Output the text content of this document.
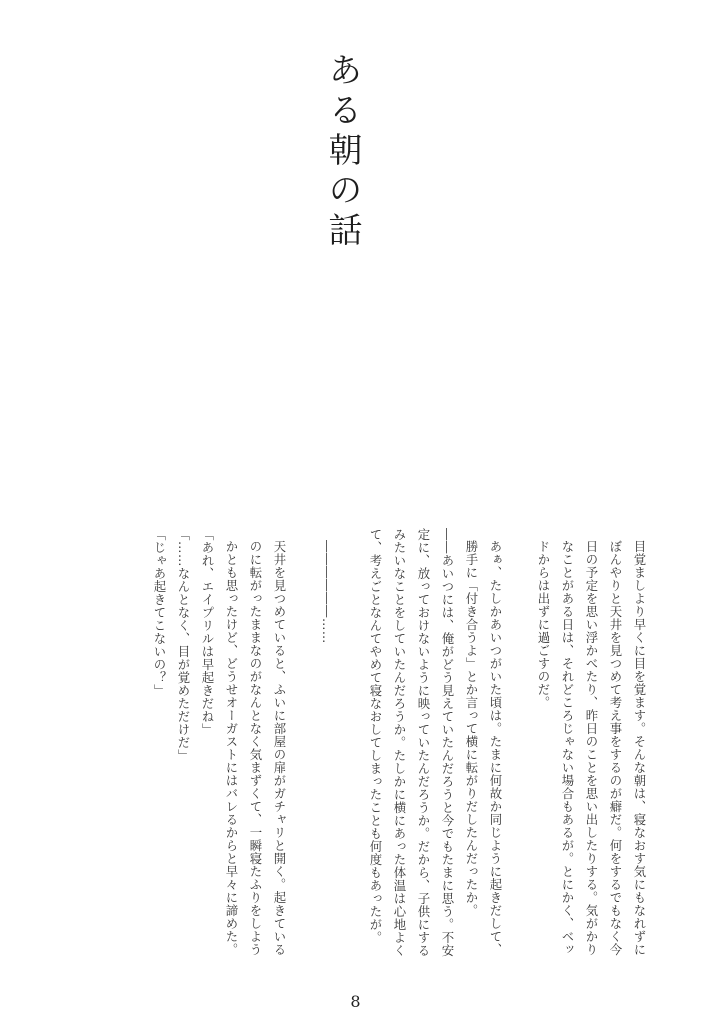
ある朝の話

目覚ましより早くに目を覚ます。そんな朝は、寝なおす気にもなれずにぼんやりと天井を見つめて考え事をするのが癖だ。何をするでもなく今日の予定を思い浮かべたり、昨日のことを思い出したりする。気がかりなことがある日は、それどころじゃない場合もあるが。とにかく、ベッドからは出ずに過ごすのだ。

あぁ、たしかあいつがいた頃は。たまに何故か同じように起きだして、勝手に「付き合うよ」とか言って横に転がりだしたんだったか。

――あいつには、俺がどう見えていたんだろうと今でもたまに思う。不安定に、放っておけないように映っていたんだろうか。だから、子供にするみたいなことをしていたんだろうか。たしかに横にあった体温は心地よくて、考えごとなんてやめて寝なおしてしまったことも何度もあったが。

――――――……

天井を見つめていると、ふいに部屋の扉がガチャリと開く。起きているのに転がったままなのがなんとなく気まずくて、一瞬寝たふりをしようかとも思ったけど、どうせオーガストにはバレるからと早々に諦めた。

「あれ、エイプリルは早起きだね」

「……なんとなく、目が覚めただけだ」

「じゃあ起きてこないの？」

8
